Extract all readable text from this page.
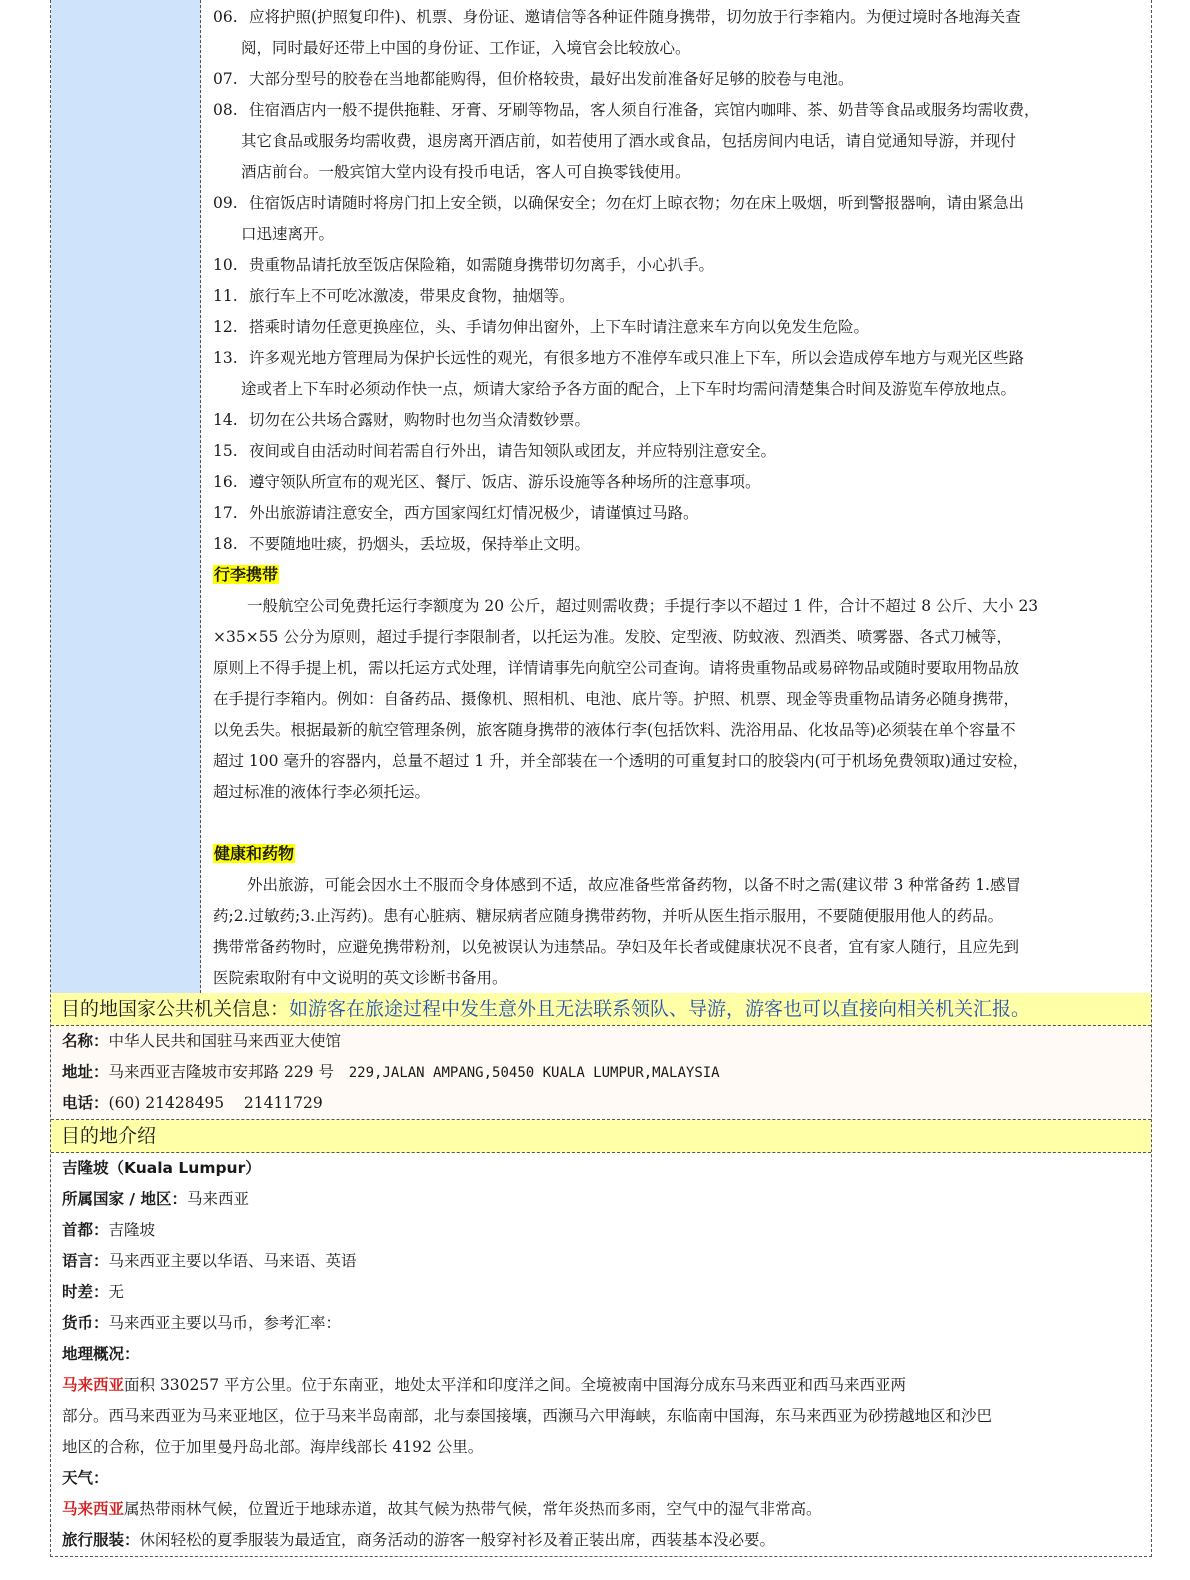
06. 应将护照(护照复印件)、机票、身份证、邀请信等各种证件随身携带，切勿放于行李箱内。为便过境时各地海关查
阅，同时最好还带上中国的身份证、工作证，入境官会比较放心。
07. 大部分型号的胶卷在当地都能购得，但价格较贵，最好出发前准备好足够的胶卷与电池。
08. 住宿酒店内一般不提供拖鞋、牙膏、牙刷等物品，客人须自行准备，宾馆内咖啡、茶、奶昔等食品或服务均需收费，
其它食品或服务均需收费，退房离开酒店前，如若使用了酒水或食品，包括房间内电话，请自觉通知导游，并现付
酒店前台。一般宾馆大堂内设有投币电话，客人可自换零钱使用。
09. 住宿饭店时请随时将房门扣上安全锁，以确保安全；勿在灯上晾衣物；勿在床上吸烟，听到警报器响，请由紧急出
口迅速离开。
10. 贵重物品请托放至饭店保险箱，如需随身携带切勿离手，小心扒手。
11. 旅行车上不可吃冰激凌，带果皮食物，抽烟等。
12. 搭乘时请勿任意更换座位，头、手请勿伸出窗外，上下车时请注意来车方向以免发生危险。
13. 许多观光地方管理局为保护长远性的观光，有很多地方不准停车或只准上下车，所以会造成停车地方与观光区些路
途或者上下车时必须动作快一点，烦请大家给予各方面的配合，上下车时均需问清楚集合时间及游览车停放地点。
14. 切勿在公共场合露财，购物时也勿当众清数钞票。
15. 夜间或自由活动时间若需自行外出，请告知领队或团友，并应特别注意安全。
16. 遵守领队所宣布的观光区、餐厅、饭店、游乐设施等各种场所的注意事项。
17. 外出旅游请注意安全，西方国家闯红灯情况极少，请谨慎过马路。
18. 不要随地吐痰，扔烟头，丢垃圾，保持举止文明。
行李携带
一般航空公司免费托运行李额度为 20 公斤，超过则需收费；手提行李以不超过 1 件，合计不超过 8 公斤、大小 23
×35×55 公分为原则，超过手提行李限制者，以托运为准。发胶、定型液、防蚊液、烈酒类、喷雾器、各式刀械等，
原则上不得手提上机，需以托运方式处理，详情请事先向航空公司查询。请将贵重物品或易碎物品或随时要取用物品放
在手提行李箱内。例如：自备药品、摄像机、照相机、电池、底片等。护照、机票、现金等贵重物品请务必随身携带，
以免丢失。根据最新的航空管理条例，旅客随身携带的液体行李(包括饮料、洗浴用品、化妆品等)必须装在单个容量不
超过 100 毫升的容器内，总量不超过 1 升，并全部装在一个透明的可重复封口的胶袋内(可于机场免费领取)通过安检，
超过标准的液体行李必须托运。
健康和药物
外出旅游，可能会因水土不服而令身体感到不适，故应准备些常备药物，以备不时之需(建议带 3 种常备药 1.感冒
药;2.过敏药;3.止泻药)。患有心脏病、糖尿病者应随身携带药物，并听从医生指示服用，不要随便服用他人的药品。
携带常备药物时，应避免携带粉剂，以免被误认为违禁品。孕妇及年长者或健康状况不良者，宜有家人随行，且应先到
医院索取附有中文说明的英文诊断书备用。
目的地国家公共机关信息：如游客在旅途过程中发生意外且无法联系领队、导游，游客也可以直接向相关机关汇报。
名称：中华人民共和国驻马来西亚大使馆
地址：马来西亚吉隆坡市安邦路 229 号 229,JALAN AMPANG,50450 KUALA LUMPUR,MALAYSIA
电话：(60) 21428495    21411729
目的地介绍
吉隆坡（Kuala Lumpur）
所属国家 / 地区：马来西亚
首都：吉隆坡
语言：马来西亚主要以华语、马来语、英语
时差：无
货币：马来西亚主要以马币，参考汇率：
地理概况：
马来西亚面积 330257 平方公里。位于东南亚，地处太平洋和印度洋之间。全境被南中国海分成东马来西亚和西马来西亚两
部分。西马来西亚为马来亚地区，位于马来半岛南部，北与泰国接壤，西濒马六甲海峡，东临南中国海，东马来西亚为砂捞越地区和沙巴
地区的合称，位于加里曼丹岛北部。海岸线部长 4192 公里。
天气：
马来西亚属热带雨林气候，位置近于地球赤道，故其气候为热带气候，常年炎热而多雨，空气中的湿气非常高。
旅行服装：休闲轻松的夏季服装为最适宜，商务活动的游客一般穿衬衫及着正装出席，西装基本没必要。
